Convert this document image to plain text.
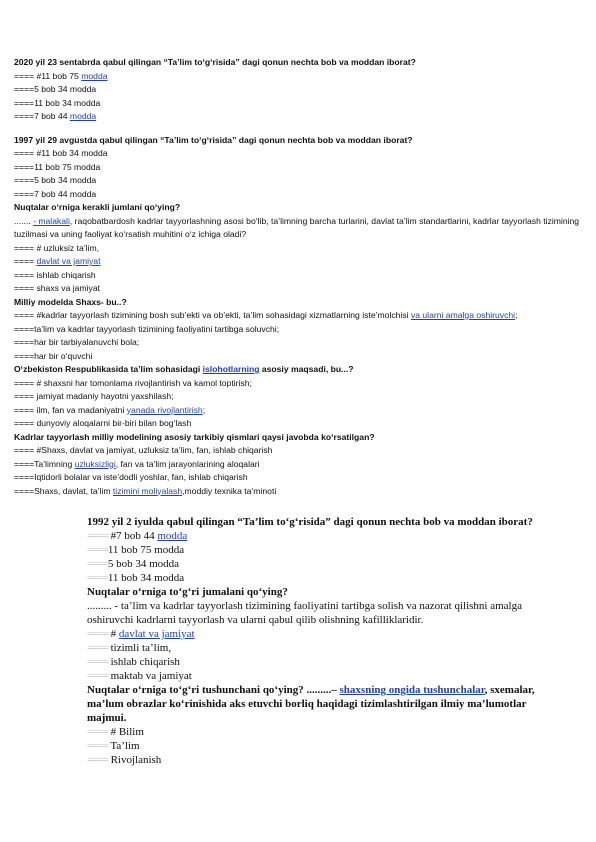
2020 yil 23 sentabrda qabul qilingan “Ta’lim to‘g‘risida” dagi qonun nechta bob va moddan iborat?
==== #11 bob 75 modda
====5 bob 34 modda
====11 bob 34 modda
====7 bob 44 modda
1997 yil 29 avgustda qabul qilingan “Ta’lim to‘g‘risida” dagi qonun nechta bob va moddan iborat?
==== #11 bob 34 modda
====11 bob 75 modda
====5 bob 34 modda
====7 bob 44 modda
Nuqtalar o‘rniga kerakli jumlani qo‘ying?
....... - malakali, raqobatbardosh kadrlar tayyorlashning asosi bo‘lib, ta’limning barcha turlarini, davlat ta’lim standartlarini, kadrlar tayyorlash tizimining tuzilmasi va uning faoliyat ko‘rsatish muhitini o‘z ichiga oladi?
==== # uzluksiz ta’lim,
==== davlat va jamiyat
==== ishlab chiqarish
==== shaxs va jamiyat
Milliy modelda Shaxs- bu..?
==== #kadrlar tayyorlash tizimining bosh sub’ekti va ob’ekti, ta’lim sohasidagi xizmatlarning iste’molchisi va ularni amalga oshiruvchi;
====ta’lim va kadrlar tayyorlash tizimining faoliyatini tartibga soluvchi;
====har bir tarbiyalanuvchi bola;
====har bir o‘quvchi
O‘zbekiston Respublikasida ta’lim sohasidagi islohotlarning asosiy maqsadi, bu...?
==== # shaxsni har tomonlama rivojlantirish va kamol toptirish;
==== jamiyat madaniy hayotni yaxshilash;
==== ilm, fan va madaniyatni yanada rivojlantirish;
==== dunyoviy aloqalarni bir-biri bilan bog‘lash
Kadrlar tayyorlash milliy modelining asosiy tarkibiy qismlari qaysi javobda ko‘rsatilgan?
==== #Shaxs, davlat va jamiyat, uzluksiz ta’lim, fan, ishlab chiqarish
====Ta’limning uzluksizligi, fan va ta’lim jarayonlarining aloqalari
====Iqtidorli bolalar va iste’dodli yoshlar, fan, ishlab chiqarish
====Shaxs, davlat, ta’lim tizimini moliyalash,moddiy texnika ta’minoti
1992 yil 2 iyulda qabul qilingan “Ta’lim to‘g‘risida” dagi qonun nechta bob va moddan iborat?
==== #7 bob 44 modda
====11 bob 75 modda
====5 bob 34 modda
====11 bob 34 modda
Nuqtalar o‘rniga to‘g‘ri jumalani qo‘ying?
......... - ta’lim va kadrlar tayyorlash tizimining faoliyatini tartibga solish va nazorat qilishni amalga oshiruvchi kadrlarni tayyorlash va ularni qabul qilib olishning kafilliklaridir.
==== # davlat va jamiyat
==== tizimli ta’lim,
==== ishlab chiqarish
==== maktab va jamiyat
Nuqtalar o‘rniga to‘g‘ri tushunchani qo‘ying? .........– shaxsning ongida tushunchalar, sxemalar, ma’lum obrazlar ko‘rinishida aks etuvchi borliq haqidagi tizimlashtirilgan ilmiy ma’lumotlar majmui.
==== # Bilim
==== Ta’lim
==== Rivojlanish
